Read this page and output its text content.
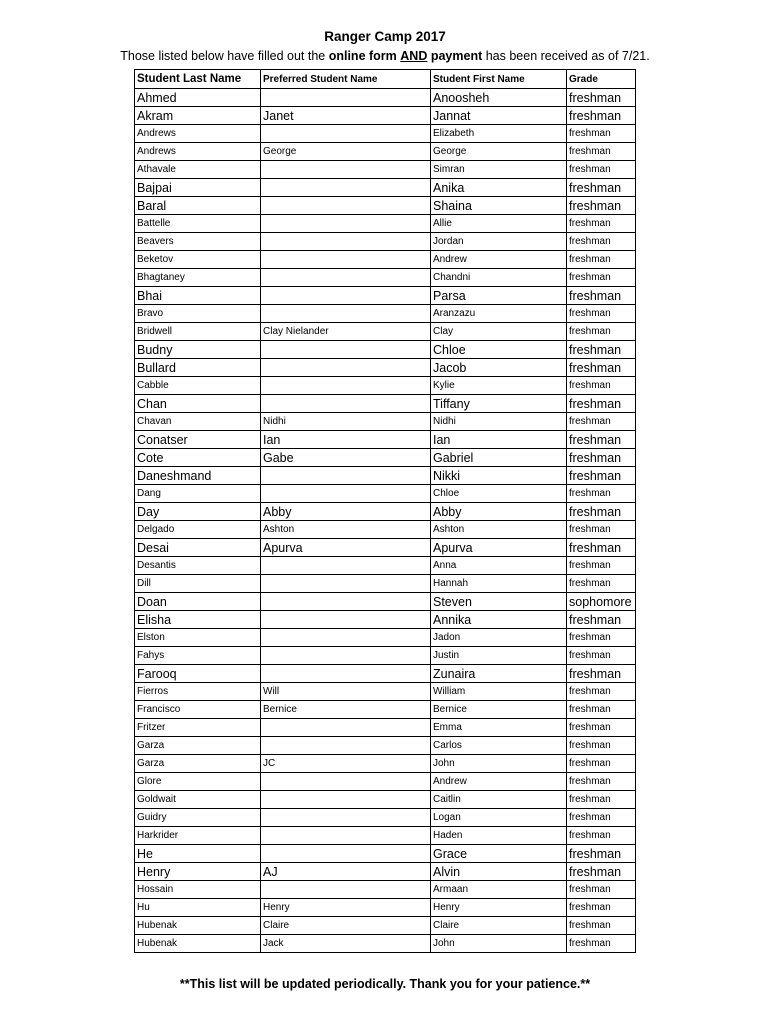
Ranger Camp 2017
Those listed below have filled out the online form AND payment has been received as of 7/21.
Student Last Name	Preferred Student Name	Student First Name	Grade
Ahmed		Anoosheh	freshman
Akram	Janet	Jannat	freshman
Andrews		Elizabeth	freshman
Andrews	George	George	freshman
Athavale		Simran	freshman
Bajpai		Anika	freshman
Baral		Shaina	freshman
Battelle		Allie	freshman
Beavers		Jordan	freshman
Beketov		Andrew	freshman
Bhagtaney		Chandni	freshman
Bhai		Parsa	freshman
Bravo		Aranzazu	freshman
Bridwell	Clay Nielander	Clay	freshman
Budny		Chloe	freshman
Bullard		Jacob	freshman
Cabble		Kylie	freshman
Chan		Tiffany	freshman
Chavan	Nidhi	Nidhi	freshman
Conatser	Ian	Ian	freshman
Cote	Gabe	Gabriel	freshman
Daneshmand		Nikki	freshman
Dang		Chloe	freshman
Day	Abby	Abby	freshman
Delgado	Ashton	Ashton	freshman
Desai	Apurva	Apurva	freshman
Desantis		Anna	freshman
Dill		Hannah	freshman
Doan		Steven	sophomore
Elisha		Annika	freshman
Elston		Jadon	freshman
Fahys		Justin	freshman
Farooq		Zunaira	freshman
Fierros	Will	William	freshman
Francisco	Bernice	Bernice	freshman
Fritzer		Emma	freshman
Garza		Carlos	freshman
Garza	JC	John	freshman
Glore		Andrew	freshman
Goldwait		Caitlin	freshman
Guidry		Logan	freshman
Harkrider		Haden	freshman
He		Grace	freshman
Henry	AJ	Alvin	freshman
Hossain		Armaan	freshman
Hu	Henry	Henry	freshman
Hubenak	Claire	Claire	freshman
Hubenak	Jack	John	freshman
**This list will be updated periodically. Thank you for your patience.**
